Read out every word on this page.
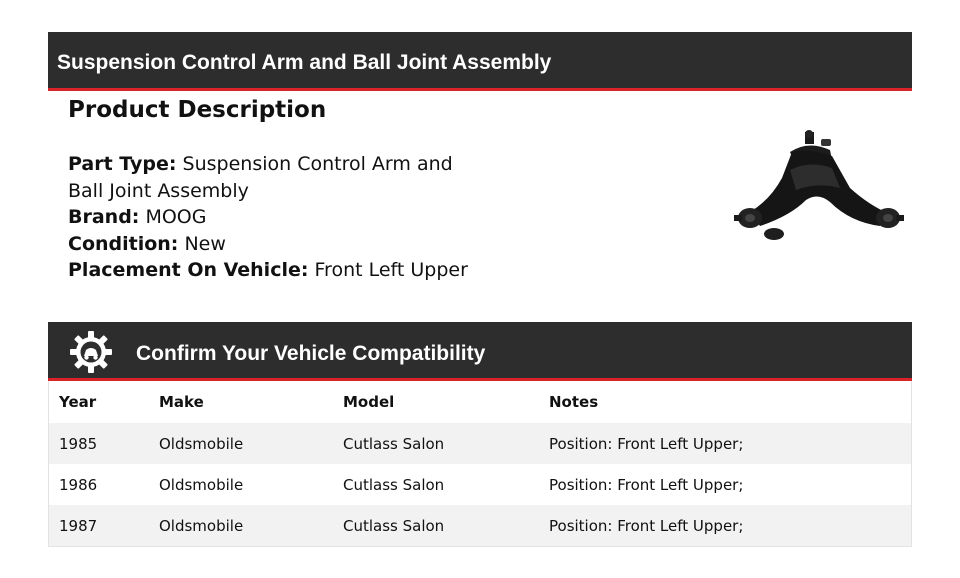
Suspension Control Arm and Ball Joint Assembly
Product Description
Part Type: Suspension Control Arm and Ball Joint Assembly
Brand: MOOG
Condition: New
Placement On Vehicle: Front Left Upper
Confirm Your Vehicle Compatibility
Year	Make	Model	Notes
1985	Oldsmobile	Cutlass Salon	Position: Front Left Upper;
1986	Oldsmobile	Cutlass Salon	Position: Front Left Upper;
1987	Oldsmobile	Cutlass Salon	Position: Front Left Upper;
